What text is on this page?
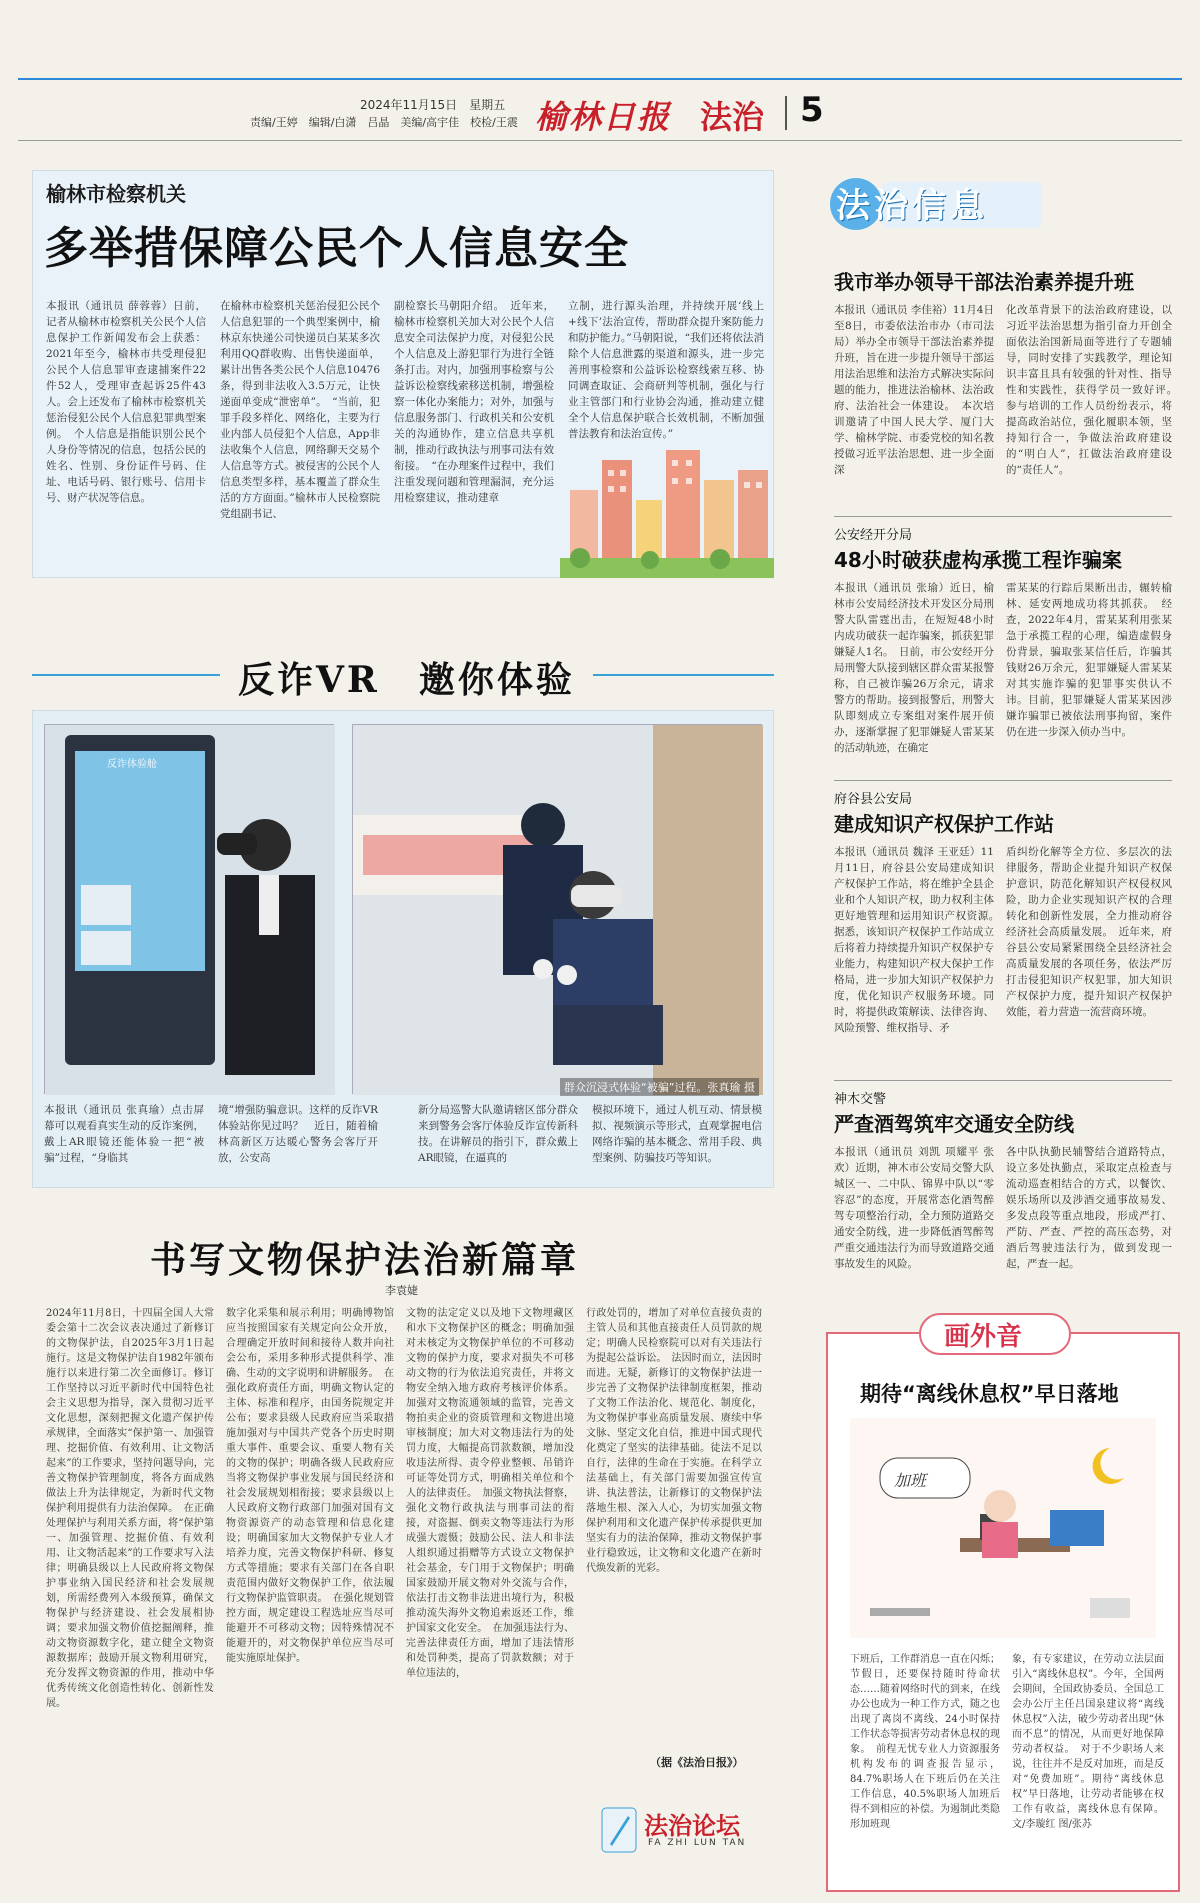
2024年11月15日　星期五
责编/王婷　编辑/白潇　吕晶　美编/高宇佳　校检/王震 榆林日报 法治 5
榆林市检察机关
多举措保障公民个人信息安全
本报讯（通讯员 薛蓉蓉）日前，记者从榆林市检察机关公民个人信息保护工作新闻发布会上获悉：2021年至今，榆林市共受理侵犯公民个人信息罪审查逮捕案件22件52人，受理审查起诉25件43人。会上还发布了榆林市检察机关惩治侵犯公民个人信息犯罪典型案例。　个人信息是指能识别公民个人身份等情况的信息，包括公民的姓名、性别、身份证件号码、住址、电话号码、银行账号、信用卡号、财产状况等信息。
在榆林市检察机关惩治侵犯公民个人信息犯罪的一个典型案例中，榆林京东快递公司快递员白某某多次利用QQ群收购、出售快递面单，累计出售各类公民个人信息10476条，得到非法收入3.5万元，让快递面单变成“泄密单”。　“当前，犯罪手段多样化、网络化，主要为行业内部人员侵犯个人信息，App非法收集个人信息，网络聊天交易个人信息等方式。被侵害的公民个人信息类型多样，基本覆盖了群众生活的方方面面。”榆林市人民检察院党组副书记、
副检察长马朝阳介绍。　近年来，榆林市检察机关加大对公民个人信息安全司法保护力度，对侵犯公民个人信息及上游犯罪行为进行全链条打击。对内，加强刑事检察与公益诉讼检察线索移送机制，增强检察一体化办案能力；对外，加强与信息服务部门、行政机关和公安机关的沟通协作，建立信息共享机制，推动行政执法与刑事司法有效衔接。　“在办理案件过程中，我们注重发现问题和管理漏洞，充分运用检察建议，推动建章
立制，进行源头治理，并持续开展‘线上+线下’法治宣传，帮助群众提升案防能力和防护能力。”马朝阳说，“我们还将依法消除个人信息泄露的渠道和源头，进一步完善刑事检察和公益诉讼检察线索互移、协同调查取证、会商研判等机制，强化与行业主管部门和行业协会沟通，推动建立健全个人信息保护联合长效机制，不断加强普法教育和法治宣传。”
反诈VR　邀你体验
反诈体验舱
群众沉浸式体验“被骗”过程。张真瑜 摄
本报讯（通讯员 张真瑜）点击屏幕可以观看真实生动的反诈案例，戴上AR眼镜还能体验一把“被骗”过程，“身临其
境”增强防骗意识。这样的反诈VR体验站你见过吗？　近日，随着榆林高新区万达暖心警务会客厅开放，公安高
新分局巡警大队邀请辖区部分群众来到警务会客厅体验反诈宣传新科技。在讲解员的指引下，群众戴上AR眼镜，在逼真的
模拟环境下，通过人机互动、情景模拟、视频演示等形式，直观掌握电信网络诈骗的基本概念、常用手段、典型案例、防骗技巧等知识。
书写文物保护法治新篇章
李袁婕
2024年11月8日，十四届全国人大常委会第十二次会议表决通过了新修订的文物保护法，自2025年3月1日起施行。这是文物保护法自1982年颁布施行以来进行第二次全面修订。修订工作坚持以习近平新时代中国特色社会主义思想为指导，深入贯彻习近平文化思想，深刻把握文化遗产保护传承规律，全面落实“保护第一、加强管理、挖掘价值、有效利用、让文物活起来”的工作要求，坚持问题导向，完善文物保护管理制度，将各方面成熟做法上升为法律规定，为新时代文物保护利用提供有力法治保障。　在正确处理保护与利用关系方面，将“保护第一、加强管理、挖掘价值、有效利用、让文物活起来”的工作要求写入法律；明确县级以上人民政府将文物保护事业纳入国民经济和社会发展规划，所需经费列入本级预算，确保文物保护与经济建设、社会发展相协调；要求加强文物价值挖掘阐释，推动文物资源数字化，建立健全文物资源数据库；鼓励开展文物利用研究，充分发挥文物资源的作用，推动中华优秀传统文化创造性转化、创新性发展。
数字化采集和展示利用；明确博物馆应当按照国家有关规定向公众开放，合理确定开放时间和接待人数并向社会公布，采用多种形式提供科学、准确、生动的文字说明和讲解服务。　在强化政府责任方面，明确文物认定的主体、标准和程序，由国务院规定并公布；要求县级人民政府应当采取措施加强对与中国共产党各个历史时期重大事件、重要会议、重要人物有关的文物的保护；明确各级人民政府应当将文物保护事业发展与国民经济和社会发展规划相衔接；要求县级以上人民政府文物行政部门加强对国有文物资源资产的动态管理和信息化建设；明确国家加大文物保护专业人才培养力度，完善文物保护科研、修复方式等措施；要求有关部门在各自职责范围内做好文物保护工作，依法履行文物保护监管职责。　在强化规划管控方面，规定建设工程选址应当尽可能避开不可移动文物；因特殊情况不能避开的，对文物保护单位应当尽可能实施原址保护。
文物的法定定义以及地下文物埋藏区和水下文物保护区的概念；明确加强对未核定为文物保护单位的不可移动文物的保护力度，要求对损失不可移动文物的行为依法追究责任，并将文物安全纳入地方政府考核评价体系。加强对文物流通领域的监管，完善文物拍卖企业的资质管理和文物进出境审核制度；加大对文物违法行为的处罚力度，大幅提高罚款数额，增加没收违法所得、责令停业整顿、吊销许可证等处罚方式，明确相关单位和个人的法律责任。　加强文物执法督察，强化文物行政执法与刑事司法的衔接，对盗掘、倒卖文物等违法行为形成强大震慑；鼓励公民、法人和非法人组织通过捐赠等方式设立文物保护社会基金，专门用于文物保护；明确国家鼓励开展文物对外交流与合作，依法打击文物非法进出境行为，积极推动流失海外文物追索返还工作，维护国家文化安全。　在加强违法行为、完善法律责任方面，增加了违法情形和处罚种类，提高了罚款数额；对于单位违法的，
行政处罚的，增加了对单位直接负责的主管人员和其他直接责任人员罚款的规定；明确人民检察院可以对有关违法行为提起公益诉讼。　法因时而立，法因时而进。无疑，新修订的文物保护法进一步完善了文物保护法律制度框架，推动了文物工作法治化、规范化、制度化，为文物保护事业高质量发展、赓续中华文脉、坚定文化自信，推进中国式现代化奠定了坚实的法律基础。徒法不足以自行，法律的生命在于实施。在科学立法基础上，有关部门需要加强宣传宣讲、执法普法，让新修订的文物保护法落地生根、深入人心，为切实加强文物保护利用和文化遗产保护传承提供更加坚实有力的法治保障，推动文物保护事业行稳致远，让文物和文化遗产在新时代焕发新的光彩。
（据《法治日报》）
法治论坛
FA ZHI LUN TAN
法治信息
我市举办领导干部法治素养提升班
本报讯（通讯员 李佳裕）11月4日至8日，市委依法治市办（市司法局）举办全市领导干部法治素养提升班，旨在进一步提升领导干部运用法治思维和法治方式解决实际问题的能力，推进法治榆林、法治政府、法治社会一体建设。　本次培训邀请了中国人民大学、厦门大学、榆林学院、市委党校的知名教授做习近平法治思想、进一步全面深
化改革背景下的法治政府建设，以习近平法治思想为指引奋力开创全面依法治国新局面等进行了专题辅导，同时安排了实践教学，理论知识丰富且具有较强的针对性、指导性和实践性，获得学员一致好评。　参与培训的工作人员纷纷表示，将提高政治站位，强化履职本领，坚持知行合一，争做法治政府建设的“明白人”，扛做法治政府建设的“责任人”。
公安经开分局
48小时破获虚构承揽工程诈骗案
本报讯（通讯员 张瑜）近日，榆林市公安局经济技术开发区分局刑警大队雷霆出击，在短短48小时内成功破获一起诈骗案，抓获犯罪嫌疑人1名。　日前，市公安经开分局刑警大队接到辖区群众雷某报警称，自己被诈骗26万余元，请求警方的帮助。接到报警后，刑警大队即刻成立专案组对案件展开侦办，逐渐掌握了犯罪嫌疑人雷某某的活动轨迹，在确定
雷某某的行踪后果断出击，辗转榆林、延安两地成功将其抓获。　经查，2022年4月，雷某某利用张某急于承揽工程的心理，编造虚假身份背景，骗取张某信任后，诈骗其钱财26万余元，犯罪嫌疑人雷某某对其实施诈骗的犯罪事实供认不讳。目前，犯罪嫌疑人雷某某因涉嫌诈骗罪已被依法刑事拘留，案件仍在进一步深入侦办当中。
府谷县公安局
建成知识产权保护工作站
本报讯（通讯员 魏泽 王亚廷）11月11日，府谷县公安局建成知识产权保护工作站，将在维护全县企业和个人知识产权，助力权利主体更好地管理和运用知识产权资源。　据悉，该知识产权保护工作站成立后将着力持续提升知识产权保护专业能力，构建知识产权大保护工作格局，进一步加大知识产权保护力度，优化知识产权服务环境。同时，将提供政策解读、法律咨询、风险预警、维权指导、矛
盾纠纷化解等全方位、多层次的法律服务，帮助企业提升知识产权保护意识，防范化解知识产权侵权风险，助力企业实现知识产权的合理转化和创新性发展，全力推动府谷经济社会高质量发展。　近年来，府谷县公安局紧紧围绕全县经济社会高质量发展的各项任务，依法严厉打击侵犯知识产权犯罪，加大知识产权保护力度，提升知识产权保护效能，着力营造一流营商环境。
神木交警
严查酒驾筑牢交通安全防线
本报讯（通讯员 刘凯 项耀平 张欢）近期，神木市公安局交警大队城区一、二中队、锦界中队以“零容忍”的态度，开展常态化酒驾醉驾专项整治行动，全力预防道路交通安全防线，进一步降低酒驾醉驾严重交通违法行为而导致道路交通事故发生的风险。
各中队执勤民辅警结合道路特点，设立多处执勤点，采取定点检查与流动巡查相结合的方式，以餐饮、娱乐场所以及涉酒交通事故易发、多发点段等重点地段，形成严打、严防、严查、严控的高压态势，对酒后驾驶违法行为，做到发现一起，严查一起。
画外音
期待“离线休息权”早日落地
加班
下班后，工作群消息一直在闪烁；节假日，还要保持随时待命状态……随着网络时代的到来，在线办公也成为一种工作方式，随之也出现了离岗不离线、24小时保持工作状态等损害劳动者休息权的现象。　前程无忧专业人力资源服务机构发布的调查报告显示，84.7%职场人在下班后仍在关注工作信息，40.5%职场人加班后得不到相应的补偿。为遏制此类隐形加班现
象，有专家建议，在劳动立法层面引入“离线休息权”。今年，全国两会期间，全国政协委员、全国总工会办公厅主任吕国泉建议将“离线休息权”入法，破少劳动者出现“休而不息”的情况，从而更好地保障劳动者权益。　对于不少职场人来说，往往并不是反对加班，而是反对“免费加班”。期待“离线休息权”早日落地，让劳动者能够在权工作有收益，离线休息有保障。文/李璇红 图/张苏
